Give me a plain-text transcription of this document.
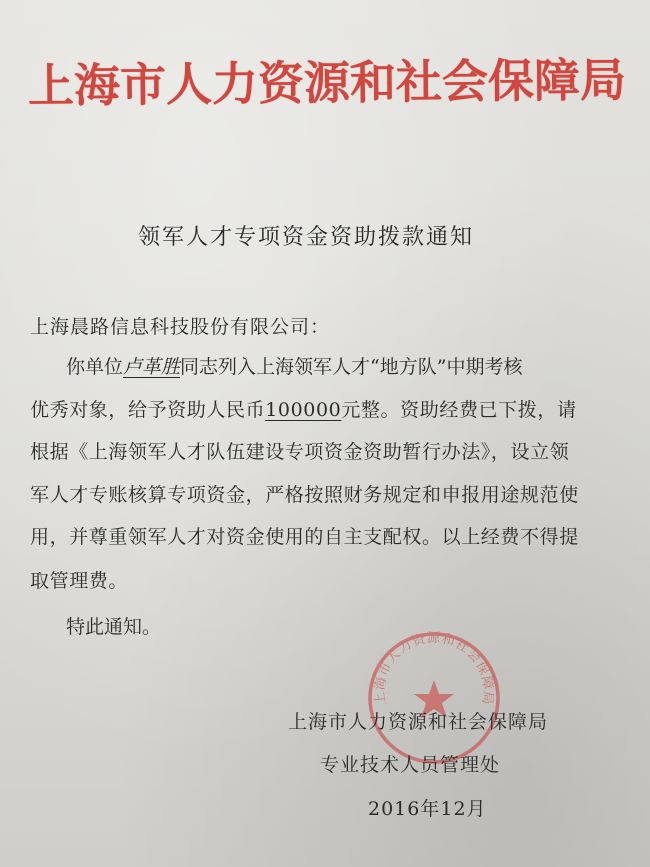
上海市人力资源和社会保障局
领军人才专项资金资助拨款通知
上海晨路信息科技股份有限公司：
你单位卢革胜同志列入上海领军人才“地方队”中期考核
优秀对象，给予资助人民币100000元整。资助经费已下拨，请
根据《上海领军人才队伍建设专项资金资助暂行办法》，设立领
军人才专账核算专项资金，严格按照财务规定和申报用途规范使
用，并尊重领军人才对资金使用的自主支配权。以上经费不得提
取管理费。
特此通知。
上海市人力资源和社会保障局
上海市人力资源和社会保障局
专业技术人员管理处
2016年12月
